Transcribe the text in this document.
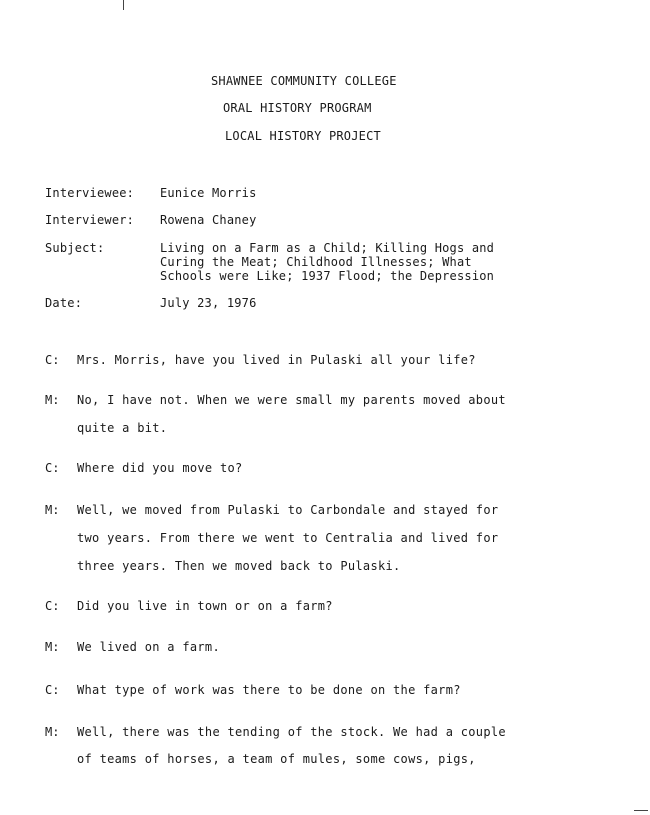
SHAWNEE COMMUNITY COLLEGE
ORAL HISTORY PROGRAM
LOCAL HISTORY PROJECT
Interviewee: Eunice Morris
Interviewer: Rowena Chaney
Subject:	Living on a Farm as a Child; Killing Hogs and
Curing the Meat; Childhood Illnesses; What
Schools were Like; 1937 Flood; the Depression
Date:	July 23, 1976
C: Mrs. Morris, have you lived in Pulaski all your life?
M: No, I have not. When we were small my parents moved about
quite a bit.
C: Where did you move to?
M: Well, we moved from Pulaski to Carbondale and stayed for
two years. From there we went to Centralia and lived for
three years. Then we moved back to Pulaski.
C: Did you live in town or on a farm?
M: We lived on a farm.
C: What type of work was there to be done on the farm?
M: Well, there was the tending of the stock. We had a couple
of teams of horses, a team of mules, some cows, pigs,
